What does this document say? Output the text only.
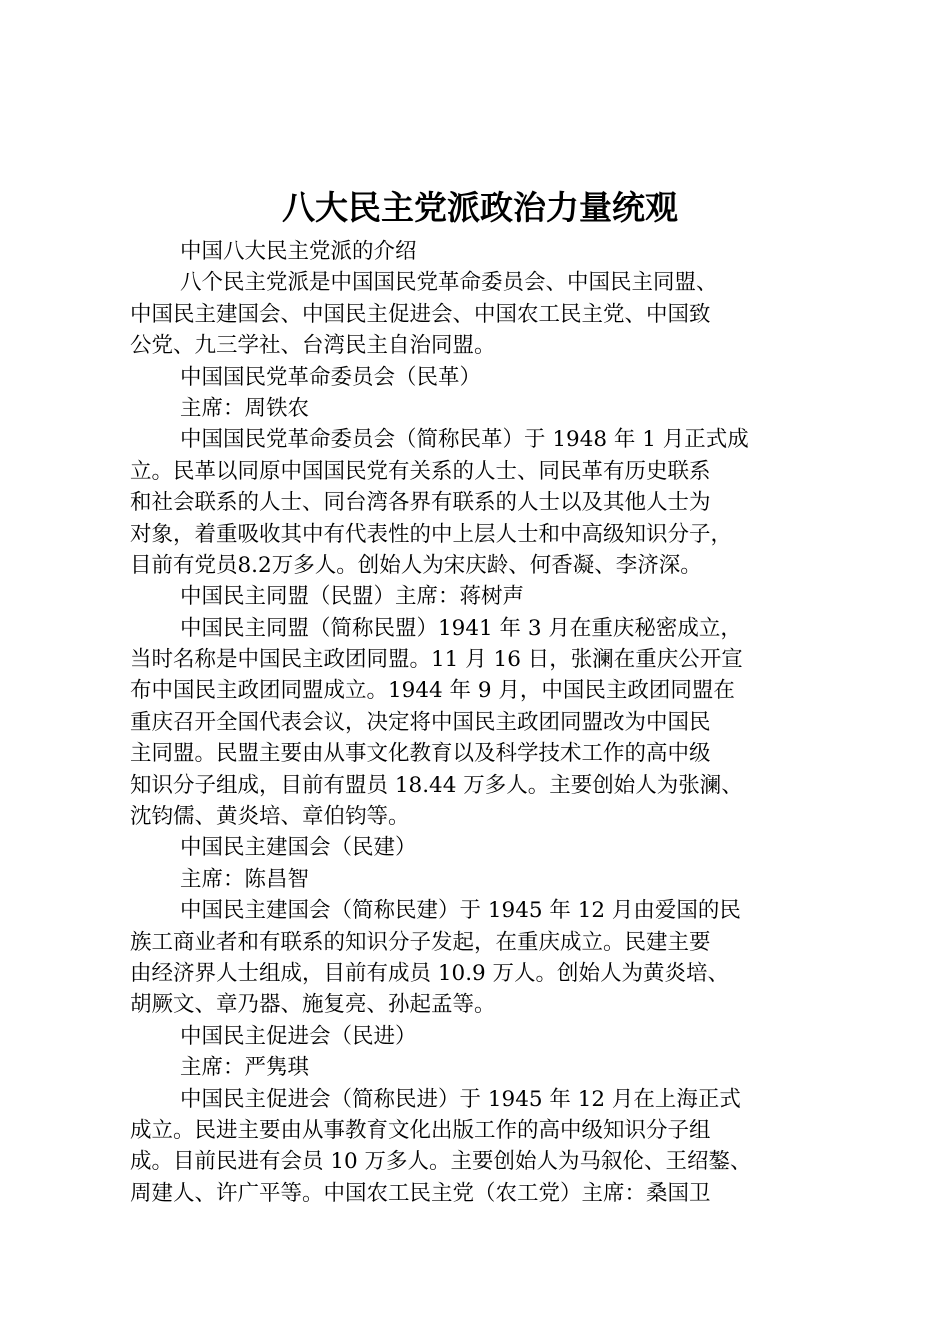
八大民主党派政治力量统观
中国八大民主党派的介绍
八个民主党派是中国国民党革命委员会、中国民主同盟、
中国民主建国会、中国民主促进会、中国农工民主党、中国致
公党、九三学社、台湾民主自治同盟。
中国国民党革命委员会（民革）
主席：周铁农
中国国民党革命委员会（简称民革）于 1948 年 1 月正式成
立。民革以同原中国国民党有关系的人士、同民革有历史联系
和社会联系的人士、同台湾各界有联系的人士以及其他人士为
对象，着重吸收其中有代表性的中上层人士和中高级知识分子，
目前有党员8.2万多人。创始人为宋庆龄、何香凝、李济深。
中国民主同盟（民盟）主席：蒋树声
中国民主同盟（简称民盟）1941 年 3 月在重庆秘密成立，
当时名称是中国民主政团同盟。11 月 16 日，张澜在重庆公开宣
布中国民主政团同盟成立。1944 年 9 月，中国民主政团同盟在
重庆召开全国代表会议，决定将中国民主政团同盟改为中国民
主同盟。民盟主要由从事文化教育以及科学技术工作的高中级
知识分子组成，目前有盟员 18.44 万多人。主要创始人为张澜、
沈钧儒、黄炎培、章伯钧等。
中国民主建国会（民建）
主席：陈昌智
中国民主建国会（简称民建）于 1945 年 12 月由爱国的民
族工商业者和有联系的知识分子发起，在重庆成立。民建主要
由经济界人士组成，目前有成员 10.9 万人。创始人为黄炎培、
胡厥文、章乃器、施复亮、孙起孟等。
中国民主促进会（民进）
主席：严隽琪
中国民主促进会（简称民进）于 1945 年 12 月在上海正式
成立。民进主要由从事教育文化出版工作的高中级知识分子组
成。目前民进有会员 10 万多人。主要创始人为马叙伦、王绍鏊、
周建人、许广平等。中国农工民主党（农工党）主席：桑国卫
